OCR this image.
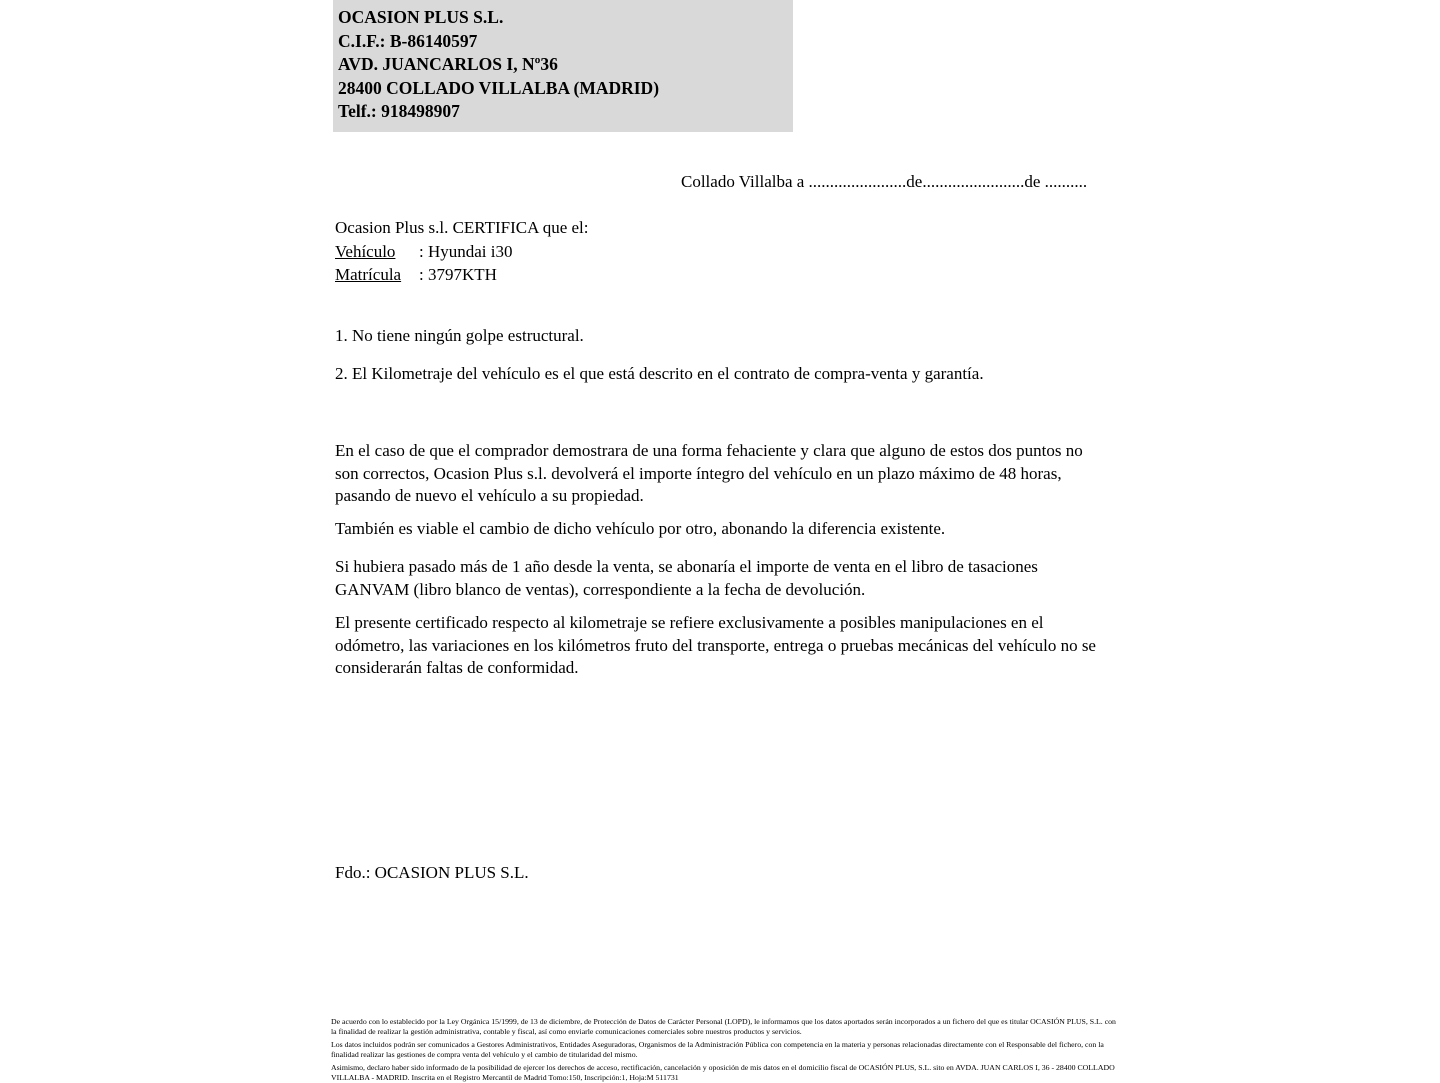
OCASION PLUS S.L.
C.I.F.: B-86140597
AVD. JUANCARLOS I, Nº36
28400 COLLADO VILLALBA (MADRID)
Telf.: 918498907
Collado Villalba a .......................de........................de ..........
Ocasion Plus s.l. CERTIFICA que el:
Vehículo : Hyundai i30
Matrícula : 3797KTH
1. No tiene ningún golpe estructural.
2. El Kilometraje del vehículo es el que está descrito en el contrato de compra-venta y garantía.
En el caso de que el comprador demostrara de una forma fehaciente y clara que alguno de estos dos puntos no son correctos, Ocasion Plus s.l. devolverá el importe íntegro del vehículo en un plazo máximo de 48 horas, pasando de nuevo el vehículo a su propiedad.
También es viable el cambio de dicho vehículo por otro, abonando la diferencia existente.
Si hubiera pasado más de 1 año desde la venta, se abonaría el importe de venta en el libro de tasaciones GANVAM (libro blanco de ventas), correspondiente a la fecha de devolución.
El presente certificado respecto al kilometraje se refiere exclusivamente a posibles manipulaciones en el odómetro, las variaciones en los kilómetros fruto del transporte, entrega o pruebas mecánicas del vehículo no se considerarán faltas de conformidad.
Fdo.: OCASION PLUS S.L.

De acuerdo con lo establecido por la Ley Orgánica 15/1999, de 13 de diciembre, de Protección de Datos de Carácter Personal (LOPD), le informamos que los datos aportados serán incorporados a un fichero del que es titular OCASIÓN PLUS, S.L. con la finalidad de realizar la gestión administrativa, contable y fiscal, así como enviarle comunicaciones comerciales sobre nuestros productos y servicios.

Los datos incluidos podrán ser comunicados a Gestores Administrativos, Entidades Aseguradoras, Organismos de la Administración Pública con competencia en la materia y personas relacionadas directamente con el Responsable del fichero, con la finalidad realizar las gestiones de compra venta del vehículo y el cambio de titularidad del mismo.

Asimismo, declaro haber sido informado de la posibilidad de ejercer los derechos de acceso, rectificación, cancelación y oposición de mis datos en el domicilio fiscal de OCASIÓN PLUS, S.L. sito en AVDA. JUAN CARLOS I, 36 - 28400 COLLADO VILLALBA - MADRID. Inscrita en el Registro Mercantil de Madrid Tomo:150, Inscripción:1, Hoja:M 511731
